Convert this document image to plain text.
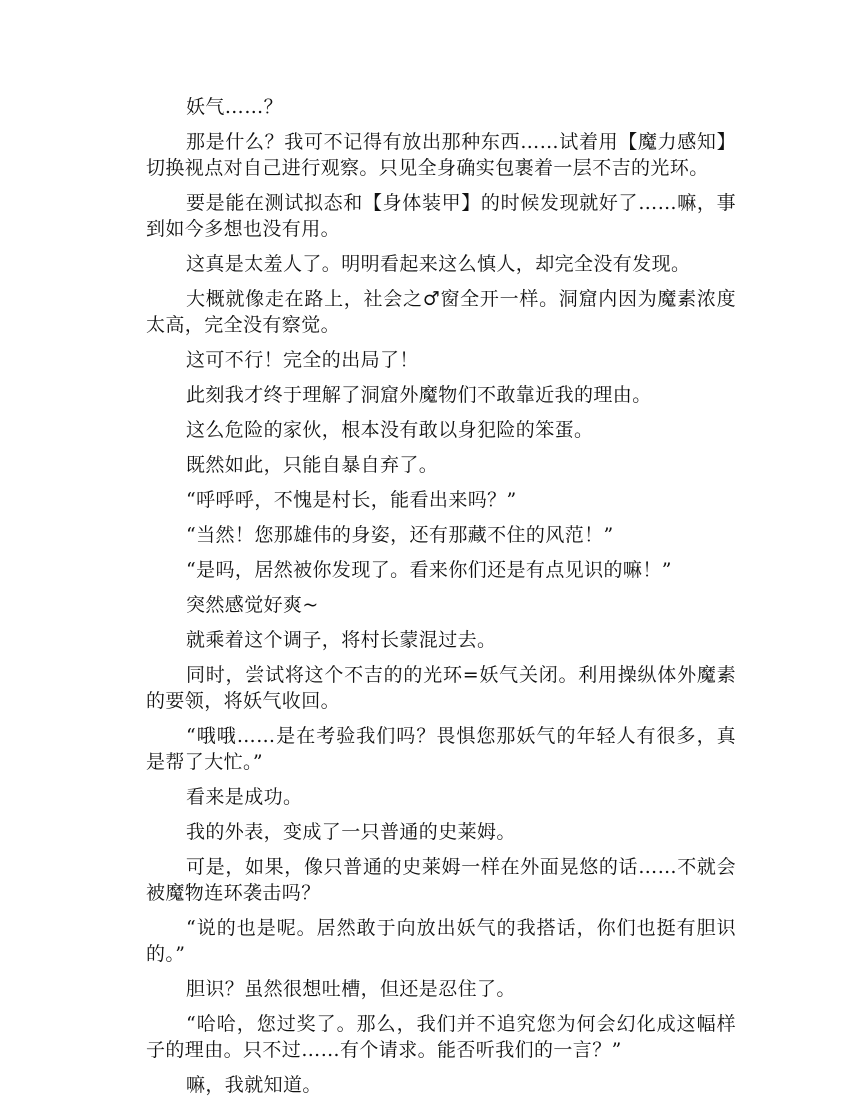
妖气……？

那是什么？我可不记得有放出那种东西……试着用【魔力感知】切换视点对自己进行观察。只见全身确实包裹着一层不吉的光环。

要是能在测试拟态和【身体装甲】的时候发现就好了……嘛，事到如今多想也没有用。

这真是太羞人了。明明看起来这么慎人，却完全没有发现。

大概就像走在路上，社会之♂窗全开一样。洞窟内因为魔素浓度太高，完全没有察觉。

这可不行！完全的出局了！

此刻我才终于理解了洞窟外魔物们不敢靠近我的理由。

这么危险的家伙，根本没有敢以身犯险的笨蛋。

既然如此，只能自暴自弃了。

“呼呼呼，不愧是村长，能看出来吗？”

“当然！您那雄伟的身姿，还有那藏不住的风范！”

“是吗，居然被你发现了。看来你们还是有点见识的嘛！”

突然感觉好爽~

就乘着这个调子，将村长蒙混过去。

同时，尝试将这个不吉的的光环=妖气关闭。利用操纵体外魔素的要领，将妖气收回。

“哦哦……是在考验我们吗？畏惧您那妖气的年轻人有很多，真是帮了大忙。”

看来是成功。

我的外表，变成了一只普通的史莱姆。

可是，如果，像只普通的史莱姆一样在外面晃悠的话……不就会被魔物连环袭击吗？

“说的也是呢。居然敢于向放出妖气的我搭话，你们也挺有胆识的。”

胆识？虽然很想吐槽，但还是忍住了。

“哈哈，您过奖了。那么，我们并不追究您为何会幻化成这幅样子的理由。只不过……有个请求。能否听我们的一言？”

嘛，我就知道。
